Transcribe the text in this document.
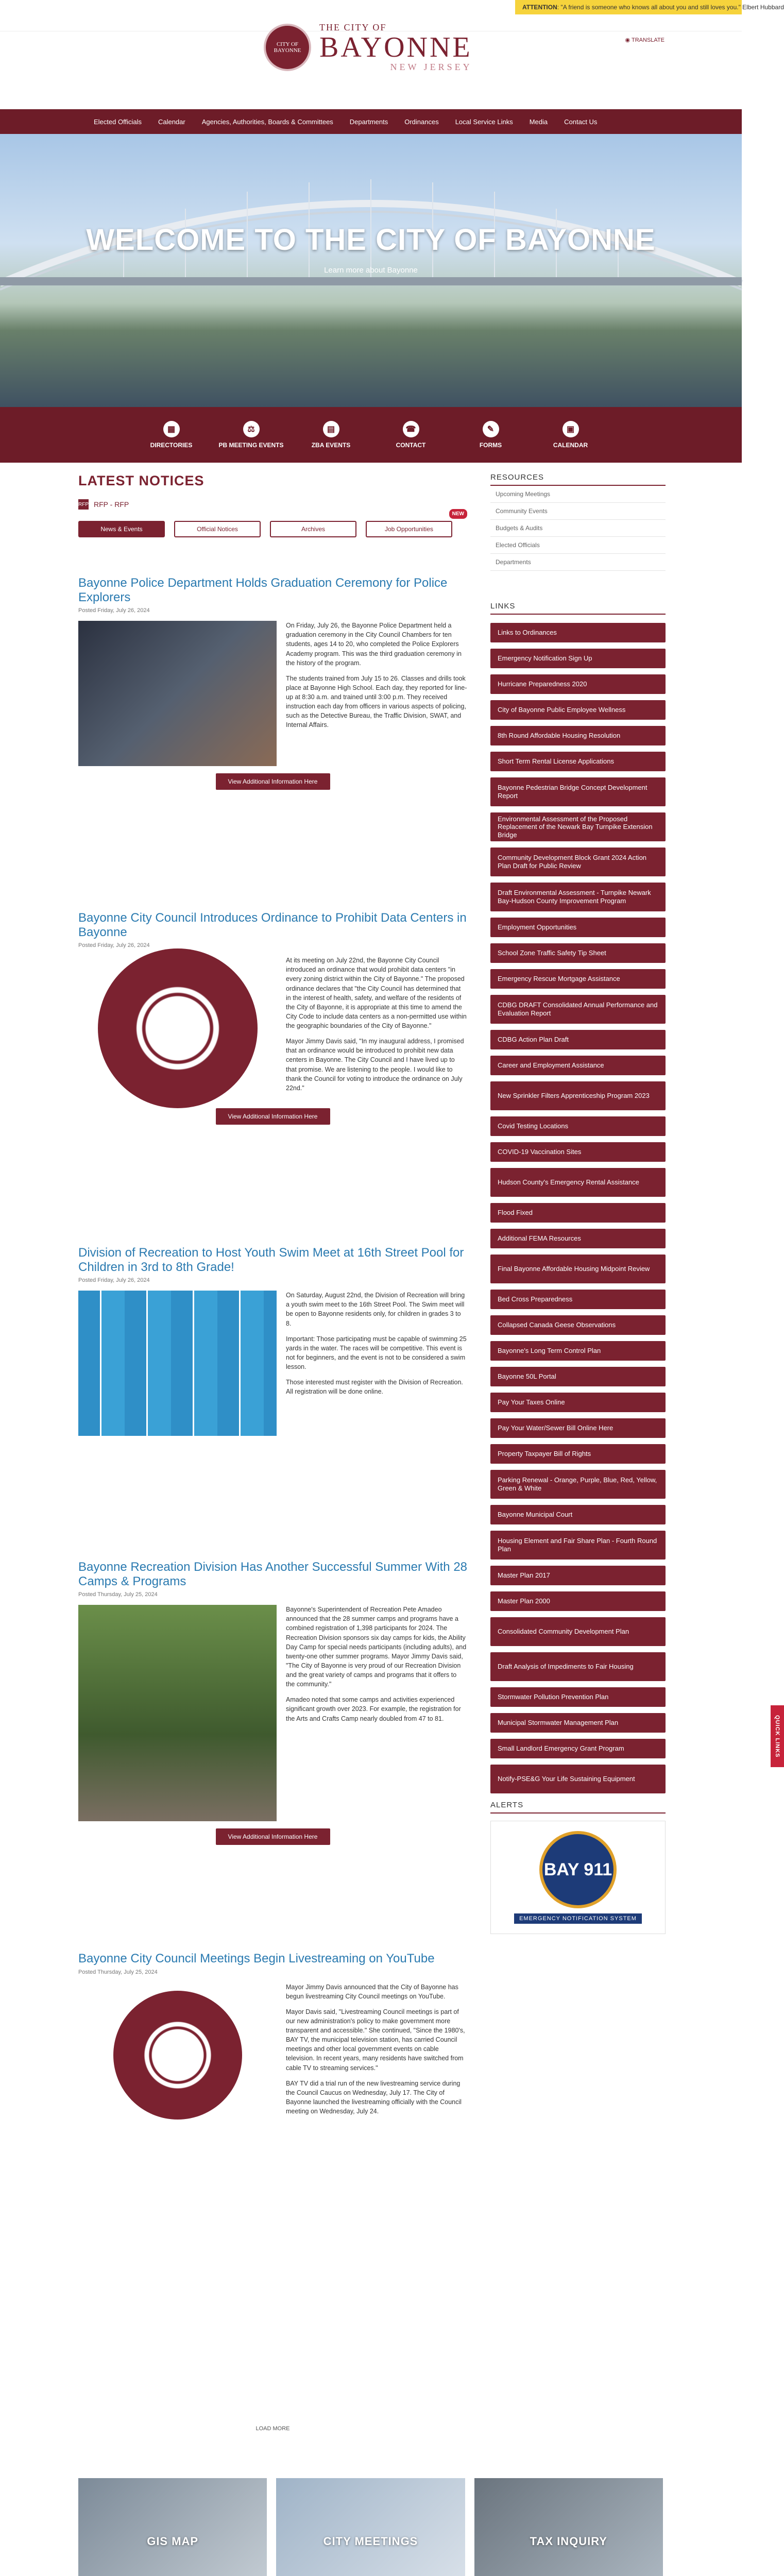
ATTENTION: "A friend is someone who knows all about you and still loves you." Elbert Hubbard
CITY OF BAYONNE
THE CITY OF
BAYONNE
NEW JERSEY
◉ TRANSLATE
Elected Officials Calendar Agencies, Authorities, Boards & Committees Departments Ordinances Local Service Links Media Contact Us
WELCOME TO THE CITY OF BAYONNE
Learn more about Bayonne
▦
DIRECTORIES
⚖
PB MEETING EVENTS
▤
ZBA EVENTS
☎
CONTACT
✎
FORMS
▣
CALENDAR
LATEST NOTICES
RFP RFP - RFP
NEW
News & Events	Official Notices	Archives	Job Opportunities
Bayonne Police Department Holds Graduation Ceremony for Police Explorers
Posted Friday, July 26, 2024

On Friday, July 26, the Bayonne Police Department held a graduation ceremony in the City Council Chambers for ten students, ages 14 to 20, who completed the Police Explorers Academy program. This was the third graduation ceremony in the history of the program.

The students trained from July 15 to 26. Classes and drills took place at Bayonne High School. Each day, they reported for line-up at 8:30 a.m. and trained until 3:00 p.m. They received instruction each day from officers in various aspects of policing, such as the Detective Bureau, the Traffic Division, SWAT, and Internal Affairs.

View Additional Information Here
Bayonne City Council Introduces Ordinance to Prohibit Data Centers in Bayonne
Posted Friday, July 26, 2024

At its meeting on July 22nd, the Bayonne City Council introduced an ordinance that would prohibit data centers "in every zoning district within the City of Bayonne." The proposed ordinance declares that "the City Council has determined that in the interest of health, safety, and welfare of the residents of the City of Bayonne, it is appropriate at this time to amend the City Code to include data centers as a non-permitted use within the geographic boundaries of the City of Bayonne."

Mayor Jimmy Davis said, "In my inaugural address, I promised that an ordinance would be introduced to prohibit new data centers in Bayonne. The City Council and I have lived up to that promise. We are listening to the people. I would like to thank the Council for voting to introduce the ordinance on July 22nd."

View Additional Information Here
Division of Recreation to Host Youth Swim Meet at 16th Street Pool for Children in 3rd to 8th Grade!
Posted Friday, July 26, 2024

On Saturday, August 22nd, the Division of Recreation will bring a youth swim meet to the 16th Street Pool. The Swim meet will be open to Bayonne residents only, for children in grades 3 to 8.

Important: Those participating must be capable of swimming 25 yards in the water. The races will be competitive. This event is not for beginners, and the event is not to be considered a swim lesson.

Those interested must register with the Division of Recreation. All registration will be done online.

Bayonne Recreation Division Has Another Successful Summer With 28 Camps & Programs
Posted Thursday, July 25, 2024

Bayonne's Superintendent of Recreation Pete Amadeo announced that the 28 summer camps and programs have a combined registration of 1,398 participants for 2024. The Recreation Division sponsors six day camps for kids, the Ability Day Camp for special needs participants (including adults), and twenty-one other summer programs. Mayor Jimmy Davis said, "The City of Bayonne is very proud of our Recreation Division and the great variety of camps and programs that it offers to the community."

Amadeo noted that some camps and activities experienced significant growth over 2023. For example, the registration for the Arts and Crafts Camp nearly doubled from 47 to 81.

View Additional Information Here
Bayonne City Council Meetings Begin Livestreaming on YouTube
Posted Thursday, July 25, 2024

Mayor Jimmy Davis announced that the City of Bayonne has begun livestreaming City Council meetings on YouTube.

Mayor Davis said, "Livestreaming Council meetings is part of our new administration's policy to make government more transparent and accessible." She continued, "Since the 1980's, BAY TV, the municipal television station, has carried Council meetings and other local government events on cable television. In recent years, many residents have switched from cable TV to streaming services."

BAY TV did a trial run of the new livestreaming service during the Council Caucus on Wednesday, July 17. The City of Bayonne launched the livestreaming officially with the Council meeting on Wednesday, July 24.

LOAD MORE
RESOURCES
Upcoming Meetings
Community Events
Budgets & Audits
Elected Officials
Departments
LINKS
Links to Ordinances
Emergency Notification Sign Up
Hurricane Preparedness 2020
City of Bayonne Public Employee Wellness
8th Round Affordable Housing Resolution
Short Term Rental License Applications
Bayonne Pedestrian Bridge Concept Development Report
Environmental Assessment of the Proposed Replacement of the Newark Bay Turnpike Extension Bridge
Community Development Block Grant 2024 Action Plan Draft for Public Review
Draft Environmental Assessment - Turnpike Newark Bay-Hudson County Improvement Program
Employment Opportunities
School Zone Traffic Safety Tip Sheet
Emergency Rescue Mortgage Assistance
CDBG DRAFT Consolidated Annual Performance and Evaluation Report
CDBG Action Plan Draft
Career and Employment Assistance
New Sprinkler Filters Apprenticeship Program 2023
Covid Testing Locations
COVID-19 Vaccination Sites
Hudson County's Emergency Rental Assistance
Flood Fixed
Additional FEMA Resources
Final Bayonne Affordable Housing Midpoint Review
Bed Cross Preparedness
Collapsed Canada Geese Observations
Bayonne's Long Term Control Plan
Bayonne 50L Portal
Pay Your Taxes Online
Pay Your Water/Sewer Bill Online Here
Property Taxpayer Bill of Rights
Parking Renewal - Orange, Purple, Blue, Red, Yellow, Green & White
Bayonne Municipal Court
Housing Element and Fair Share Plan - Fourth Round Plan
Master Plan 2017
Master Plan 2000
Consolidated Community Development Plan
Draft Analysis of Impediments to Fair Housing
Stormwater Pollution Prevention Plan
Municipal Stormwater Management Plan
Small Landlord Emergency Grant Program
Notify-PSE&G Your Life Sustaining Equipment
ALERTS
BAY 911
EMERGENCY NOTIFICATION SYSTEM
QUICK LINKS
GIS MAP	CITY MEETINGS	TAX INQUIRY
